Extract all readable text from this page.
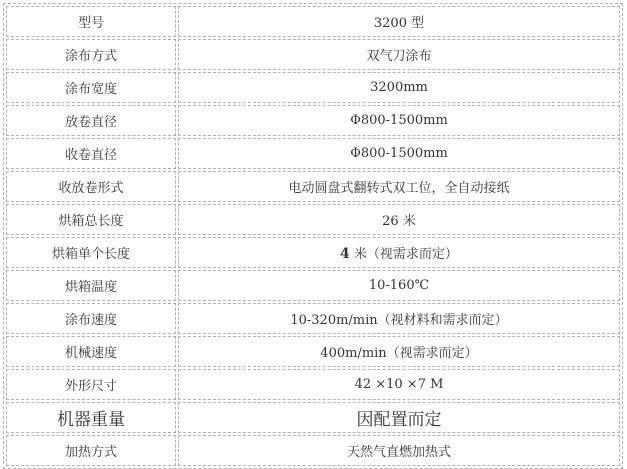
型号	3200 型
涂布方式	双气刀涂布
涂布宽度	3200mm
放卷直径	Φ800-1500mm
收卷直径	Φ800-1500mm
收放卷形式	电动圆盘式翻转式双工位，全自动接纸
烘箱总长度	26 米
烘箱单个长度	4 米（视需求而定）
烘箱温度	10-160℃
涂布速度	10-320m/min（视材料和需求而定）
机械速度	400m/min（视需求而定）
外形尺寸	42 ×10 ×7 M
机器重量	因配置而定
加热方式	天然气直燃加热式
